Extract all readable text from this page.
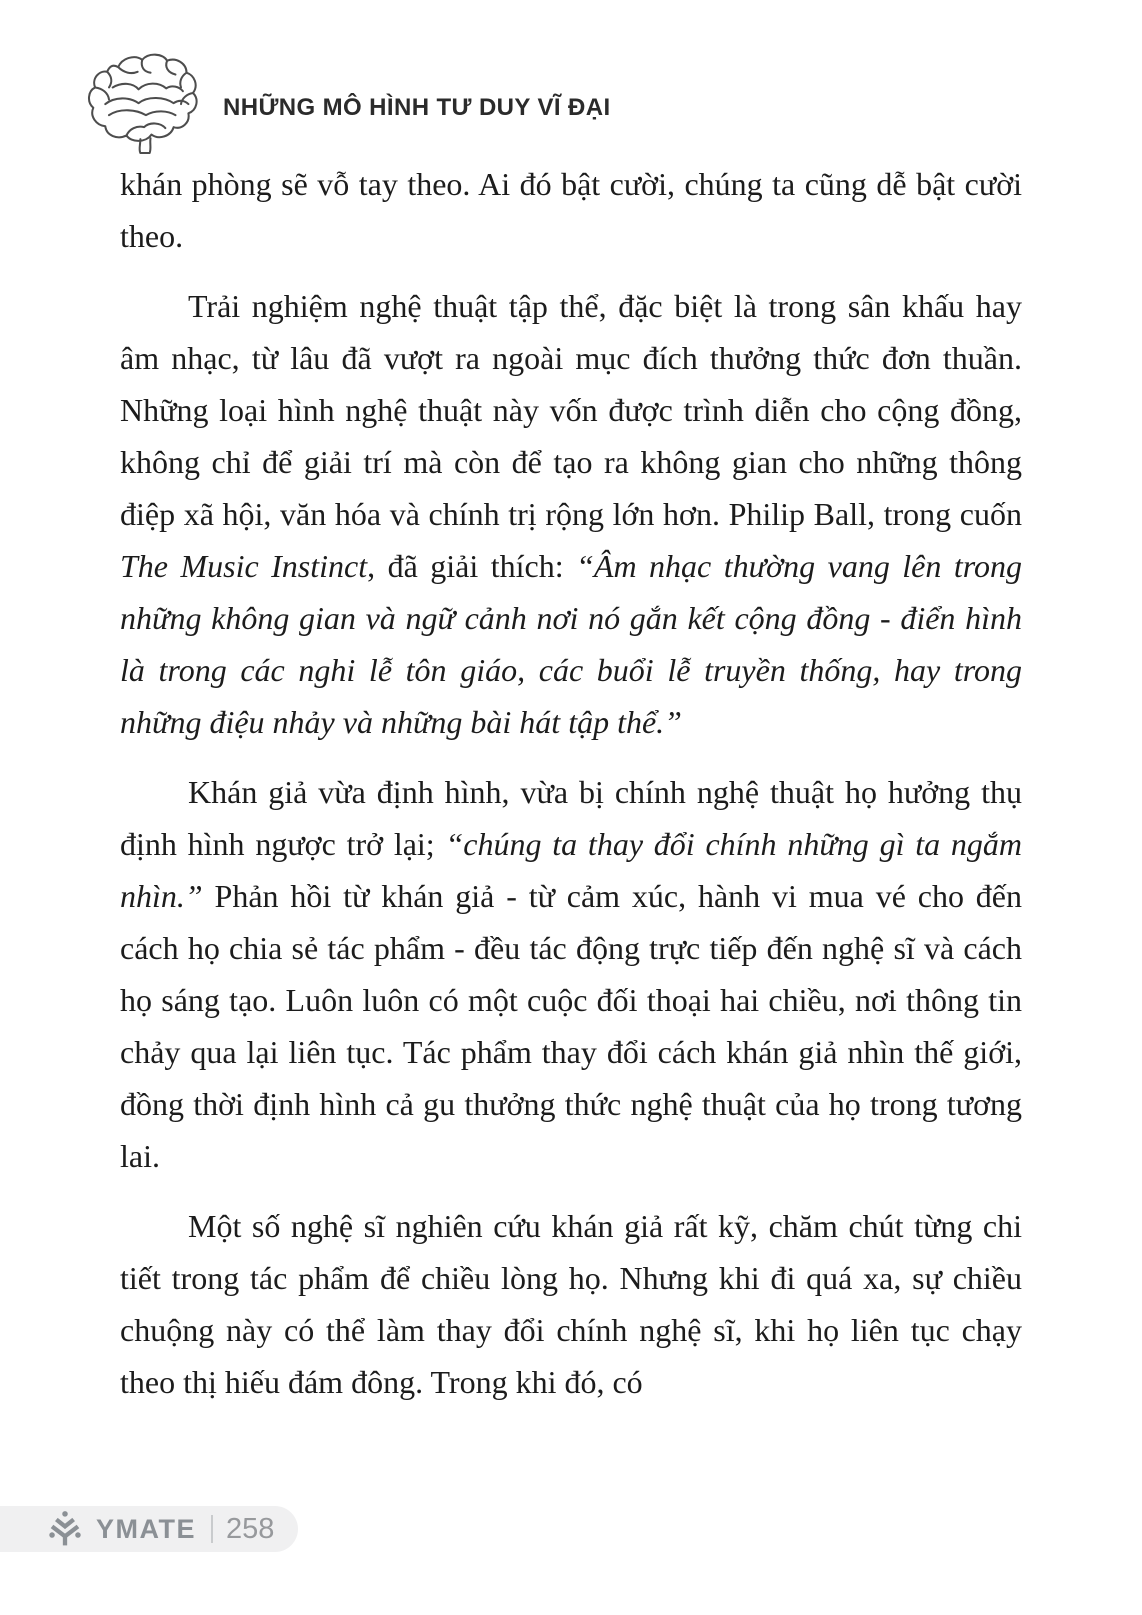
NHỮNG MÔ HÌNH TƯ DUY VĨ ĐẠI

khán phòng sẽ vỗ tay theo. Ai đó bật cười, chúng ta cũng dễ bật cười theo.

Trải nghiệm nghệ thuật tập thể, đặc biệt là trong sân khấu hay âm nhạc, từ lâu đã vượt ra ngoài mục đích thưởng thức đơn thuần. Những loại hình nghệ thuật này vốn được trình diễn cho cộng đồng, không chỉ để giải trí mà còn để tạo ra không gian cho những thông điệp xã hội, văn hóa và chính trị rộng lớn hơn. Philip Ball, trong cuốn The Music Instinct, đã giải thích: “Âm nhạc thường vang lên trong những không gian và ngữ cảnh nơi nó gắn kết cộng đồng - điển hình là trong các nghi lễ tôn giáo, các buổi lễ truyền thống, hay trong những điệu nhảy và những bài hát tập thể.”

Khán giả vừa định hình, vừa bị chính nghệ thuật họ hưởng thụ định hình ngược trở lại; “chúng ta thay đổi chính những gì ta ngắm nhìn.” Phản hồi từ khán giả - từ cảm xúc, hành vi mua vé cho đến cách họ chia sẻ tác phẩm - đều tác động trực tiếp đến nghệ sĩ và cách họ sáng tạo. Luôn luôn có một cuộc đối thoại hai chiều, nơi thông tin chảy qua lại liên tục. Tác phẩm thay đổi cách khán giả nhìn thế giới, đồng thời định hình cả gu thưởng thức nghệ thuật của họ trong tương lai.

Một số nghệ sĩ nghiên cứu khán giả rất kỹ, chăm chút từng chi tiết trong tác phẩm để chiều lòng họ. Nhưng khi đi quá xa, sự chiều chuộng này có thể làm thay đổi chính nghệ sĩ, khi họ liên tục chạy theo thị hiếu đám đông. Trong khi đó, có

YMATE 258
